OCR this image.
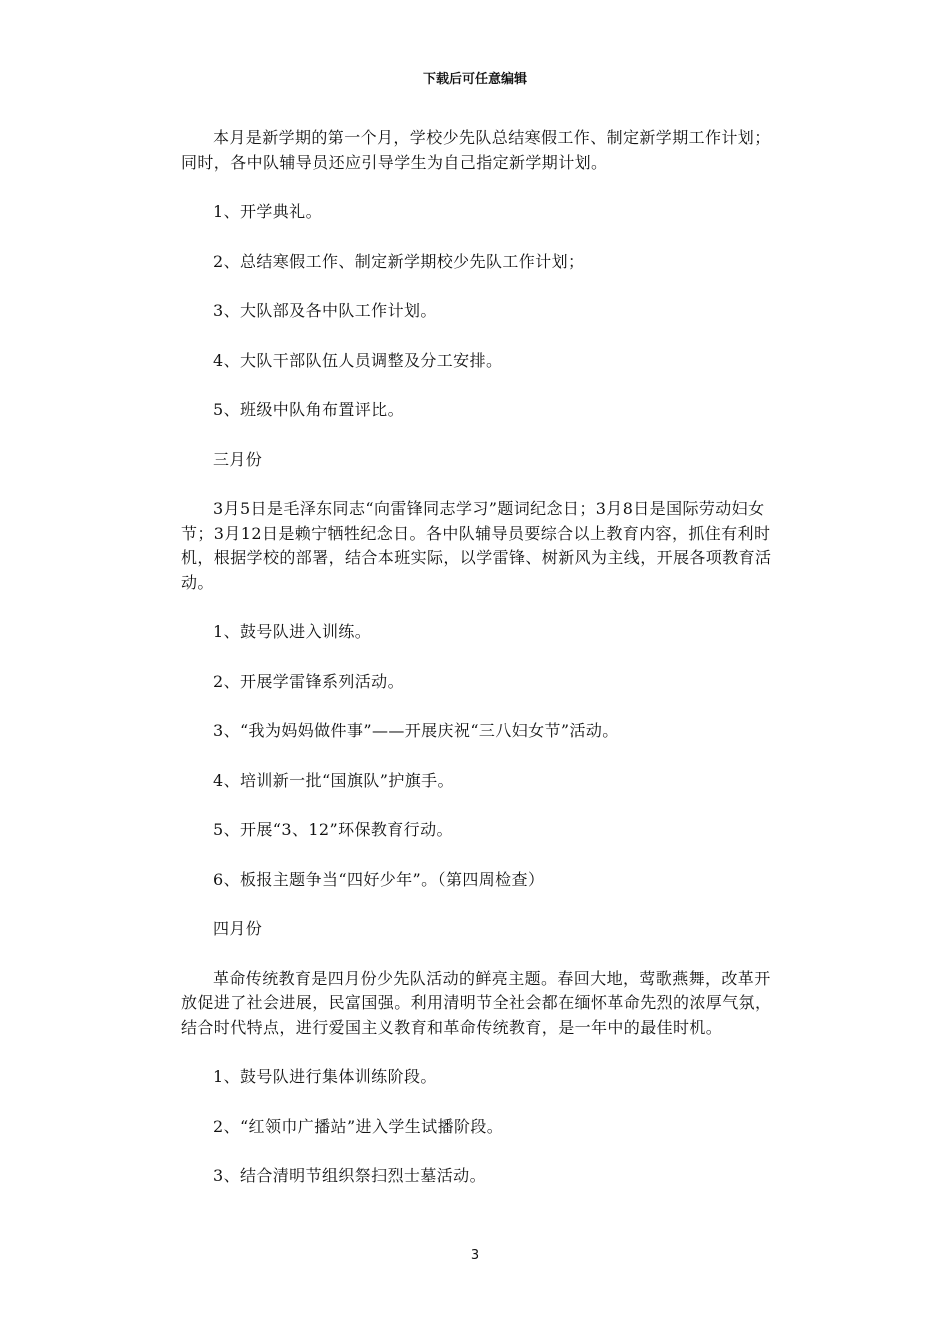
下载后可任意编辑

本月是新学期的第一个月，学校少先队总结寒假工作、制定新学期工作计划；同时，各中队辅导员还应引导学生为自己指定新学期计划。

1、开学典礼。

2、总结寒假工作、制定新学期校少先队工作计划；

3、大队部及各中队工作计划。

4、大队干部队伍人员调整及分工安排。

5、班级中队角布置评比。

三月份

3月5日是毛泽东同志“向雷锋同志学习”题词纪念日；3月8日是国际劳动妇女节；3月12日是赖宁牺牲纪念日。各中队辅导员要综合以上教育内容，抓住有利时机，根据学校的部署，结合本班实际，以学雷锋、树新风为主线，开展各项教育活动。

1、鼓号队进入训练。

2、开展学雷锋系列活动。

3、“我为妈妈做件事”——开展庆祝“三八妇女节”活动。

4、培训新一批“国旗队”护旗手。

5、开展“3、12”环保教育行动。

6、板报主题争当“四好少年”。（第四周检查）

四月份

革命传统教育是四月份少先队活动的鲜亮主题。春回大地，莺歌燕舞，改革开放促进了社会进展，民富国强。利用清明节全社会都在缅怀革命先烈的浓厚气氛，结合时代特点，进行爱国主义教育和革命传统教育，是一年中的最佳时机。

1、鼓号队进行集体训练阶段。

2、“红领巾广播站”进入学生试播阶段。

3、结合清明节组织祭扫烈士墓活动。

3
